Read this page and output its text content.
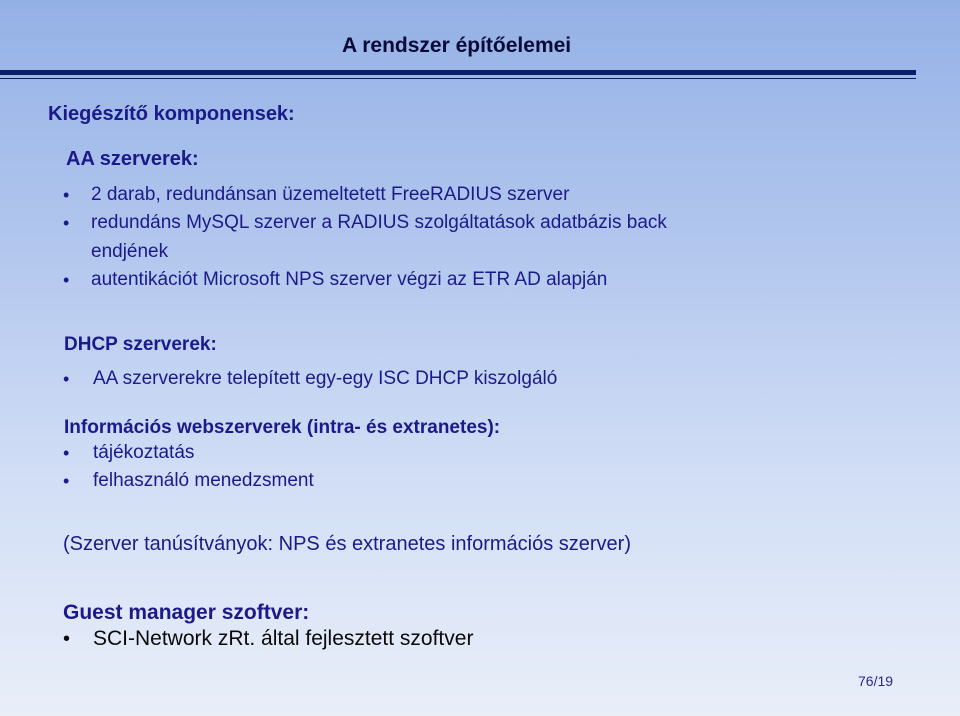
A rendszer építőelemei
Kiegészítő komponensek:
AA szerverek:
• 2 darab, redundánsan üzemeltetett FreeRADIUS szerver
• redundáns MySQL szerver a RADIUS szolgáltatások adatbázis back
endjének
• autentikációt Microsoft NPS szerver végzi az ETR AD alapján
DHCP szerverek:
• AA szerverekre telepített egy-egy ISC DHCP kiszolgáló
Információs webszerverek (intra- és extranetes):
• tájékoztatás
• felhasználó menedzsment
(Szerver tanúsítványok: NPS és extranetes információs szerver)
Guest manager szoftver:
• SCI-Network zRt. által fejlesztett szoftver
76/19
